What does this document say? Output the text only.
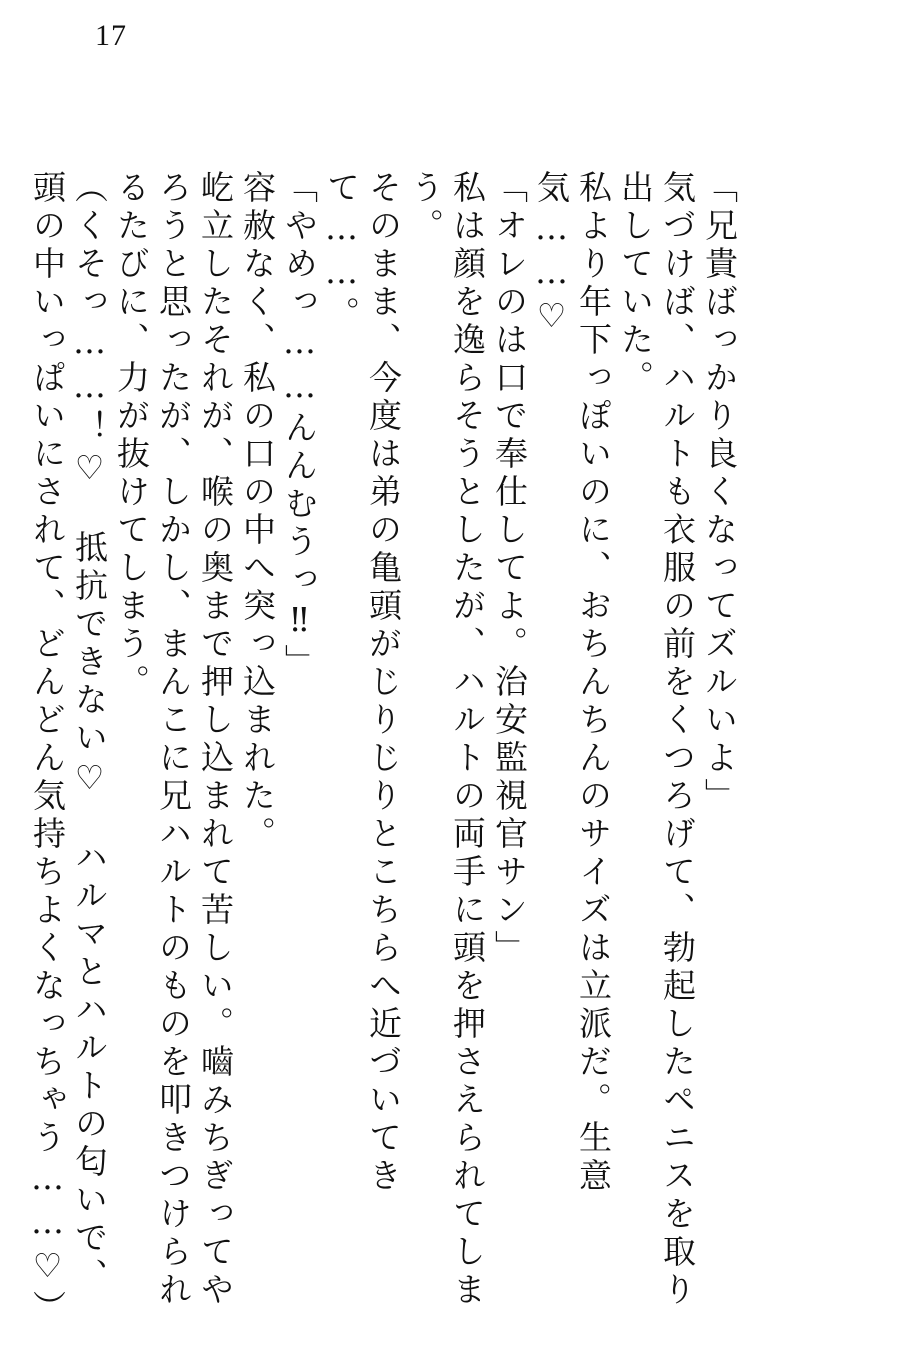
17

「兄貴ばっかり良くなってズルいよ」

気づけば、ハルトも衣服の前をくつろげて、勃起したペニスを取り出していた。

私より年下っぽいのに、おちんちんのサイズは立派だ。生意気……♡

「オレのは口で奉仕してよ。治安監視官サン」

私は顔を逸らそうとしたが、ハルトの両手に頭を押さえられてしまう。

そのまま、今度は弟の亀頭がじりじりとこちらへ近づいてきて……。

「やめっ……んんむうっ‼」

容赦なく、私の口の中へ突っ込まれた。

屹立したそれが、喉の奥まで押し込まれて苦しい。嚙みちぎってやろうと思ったが、しかし、まんこに兄ハルトのものを叩きつけられるたびに、力が抜けてしまう。

（くそっ……！♡　抵抗できない♡　ハルマとハルトの匂いで、頭の中いっぱいにされて、どんどん気持ちよくなっちゃう……♡）
